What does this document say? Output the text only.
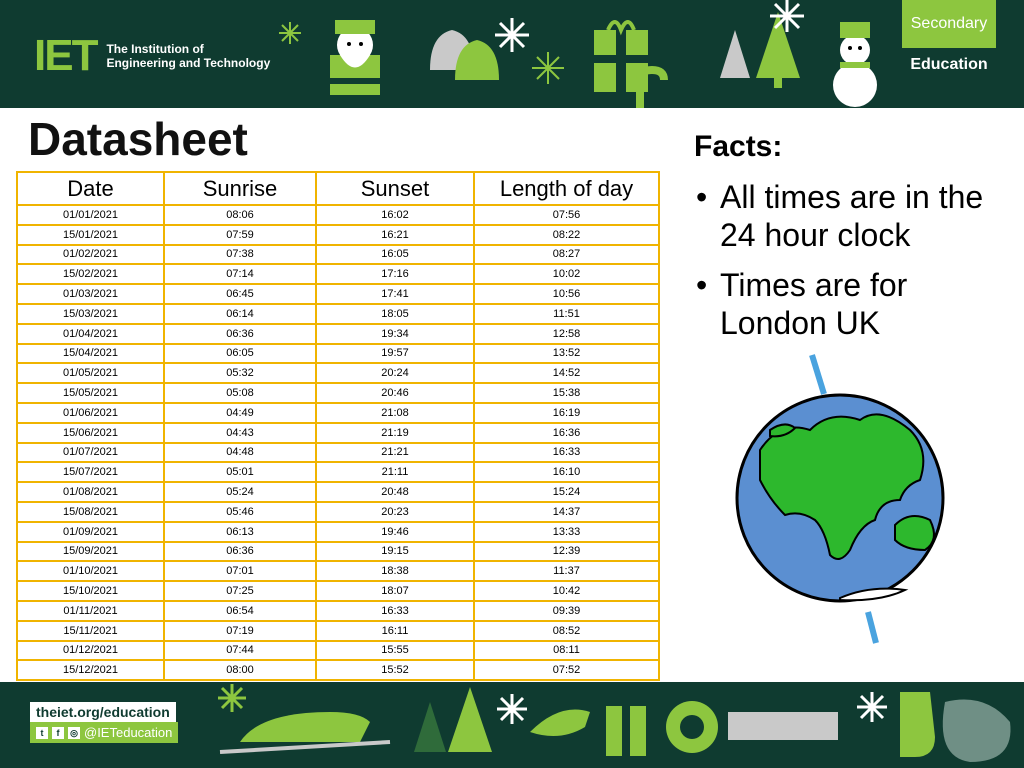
IET The Institution of
Engineering and Technology
Secondary
Education
Datasheet
Date	Sunrise	Sunset	Length of day
01/01/2021	08:06	16:02	07:56
15/01/2021	07:59	16:21	08:22
01/02/2021	07:38	16:05	08:27
15/02/2021	07:14	17:16	10:02
01/03/2021	06:45	17:41	10:56
15/03/2021	06:14	18:05	11:51
01/04/2021	06:36	19:34	12:58
15/04/2021	06:05	19:57	13:52
01/05/2021	05:32	20:24	14:52
15/05/2021	05:08	20:46	15:38
01/06/2021	04:49	21:08	16:19
15/06/2021	04:43	21:19	16:36
01/07/2021	04:48	21:21	16:33
15/07/2021	05:01	21:11	16:10
01/08/2021	05:24	20:48	15:24
15/08/2021	05:46	20:23	14:37
01/09/2021	06:13	19:46	13:33
15/09/2021	06:36	19:15	12:39
01/10/2021	07:01	18:38	11:37
15/10/2021	07:25	18:07	10:42
01/11/2021	06:54	16:33	09:39
15/11/2021	07:19	16:11	08:52
01/12/2021	07:44	15:55	08:11
15/12/2021	08:00	15:52	07:52
Facts:
• All times are in the 24 hour clock
• Times are for London UK
theiet.org/education
t	f	◎ @IETeducation
